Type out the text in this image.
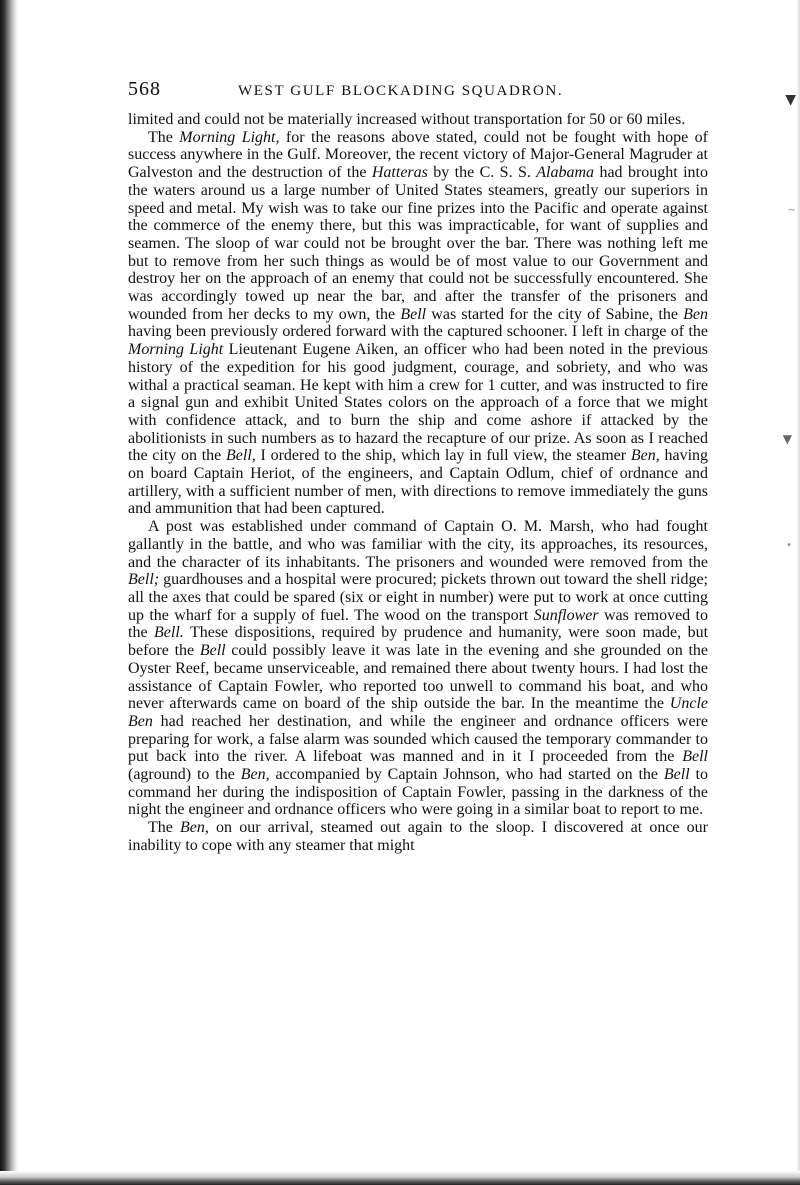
▼
~
▼
•
568	WEST GULF BLOCKADING SQUADRON.

limited and could not be materially increased without transportation for 50 or 60 miles.

The Morning Light, for the reasons above stated, could not be fought with hope of success anywhere in the Gulf. Moreover, the recent victory of Major-General Magruder at Galveston and the destruction of the Hatteras by the C. S. S. Alabama had brought into the waters around us a large number of United States steamers, greatly our superiors in speed and metal. My wish was to take our fine prizes into the Pacific and operate against the commerce of the enemy there, but this was impracticable, for want of supplies and seamen. The sloop of war could not be brought over the bar. There was nothing left me but to remove from her such things as would be of most value to our Government and destroy her on the approach of an enemy that could not be successfully encountered. She was accordingly towed up near the bar, and after the transfer of the prisoners and wounded from her decks to my own, the Bell was started for the city of Sabine, the Ben having been previously ordered forward with the captured schooner. I left in charge of the Morning Light Lieutenant Eugene Aiken, an officer who had been noted in the previous history of the expedition for his good judgment, courage, and sobriety, and who was withal a practical seaman. He kept with him a crew for 1 cutter, and was instructed to fire a signal gun and exhibit United States colors on the approach of a force that we might with confidence attack, and to burn the ship and come ashore if attacked by the abolitionists in such numbers as to hazard the recapture of our prize. As soon as I reached the city on the Bell, I ordered to the ship, which lay in full view, the steamer Ben, having on board Captain Heriot, of the engineers, and Captain Odlum, chief of ordnance and artillery, with a sufficient number of men, with directions to remove immediately the guns and ammunition that had been captured.

A post was established under command of Captain O. M. Marsh, who had fought gallantly in the battle, and who was familiar with the city, its approaches, its resources, and the character of its inhabitants. The prisoners and wounded were removed from the Bell; guardhouses and a hospital were procured; pickets thrown out toward the shell ridge; all the axes that could be spared (six or eight in number) were put to work at once cutting up the wharf for a supply of fuel. The wood on the transport Sunflower was removed to the Bell. These dispositions, required by prudence and humanity, were soon made, but before the Bell could possibly leave it was late in the evening and she grounded on the Oyster Reef, became unserviceable, and remained there about twenty hours. I had lost the assistance of Captain Fowler, who reported too unwell to command his boat, and who never afterwards came on board of the ship outside the bar. In the meantime the Uncle Ben had reached her destination, and while the engineer and ordnance officers were preparing for work, a false alarm was sounded which caused the temporary commander to put back into the river. A lifeboat was manned and in it I proceeded from the Bell (aground) to the Ben, accompanied by Captain Johnson, who had started on the Bell to command her during the indisposition of Captain Fowler, passing in the darkness of the night the engineer and ordnance officers who were going in a similar boat to report to me.

The Ben, on our arrival, steamed out again to the sloop. I discovered at once our inability to cope with any steamer that might
